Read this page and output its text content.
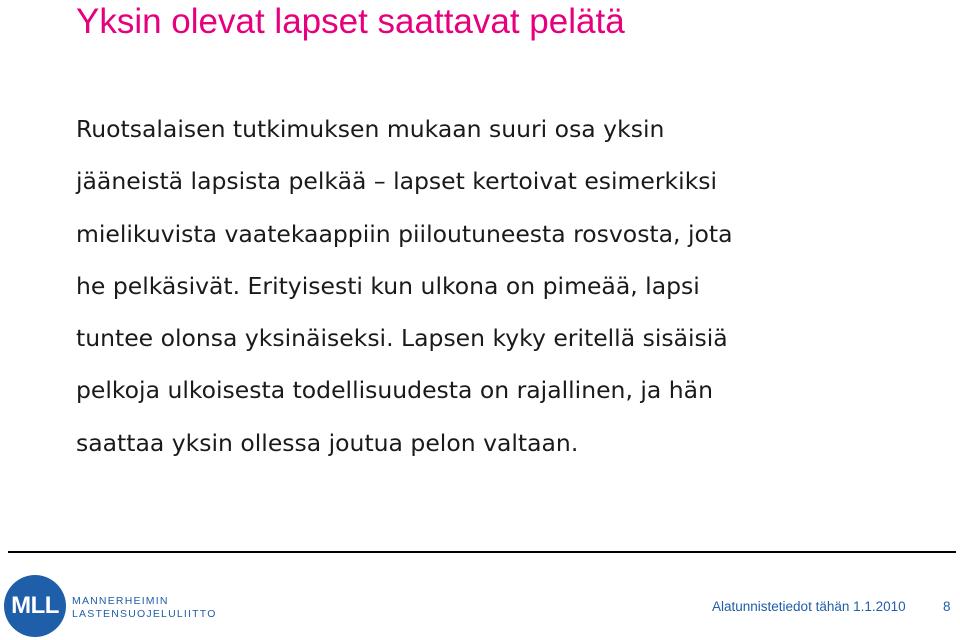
Yksin olevat lapset saattavat pelätä
Ruotsalaisen tutkimuksen mukaan suuri osa yksin
jääneistä lapsista pelkää – lapset kertoivat esimerkiksi
mielikuvista vaatekaappiin piiloutuneesta rosvosta, jota
he pelkäsivät. Erityisesti kun ulkona on pimeää, lapsi
tuntee olonsa yksinäiseksi. Lapsen kyky eritellä sisäisiä
pelkoja ulkoisesta todellisuudesta on rajallinen, ja hän
saattaa yksin ollessa joutua pelon valtaan.
MLL	MANNERHEIMIN
LASTENSUOJELULIITTO	Alatunnistetiedot tähän 1.1.2010	8
